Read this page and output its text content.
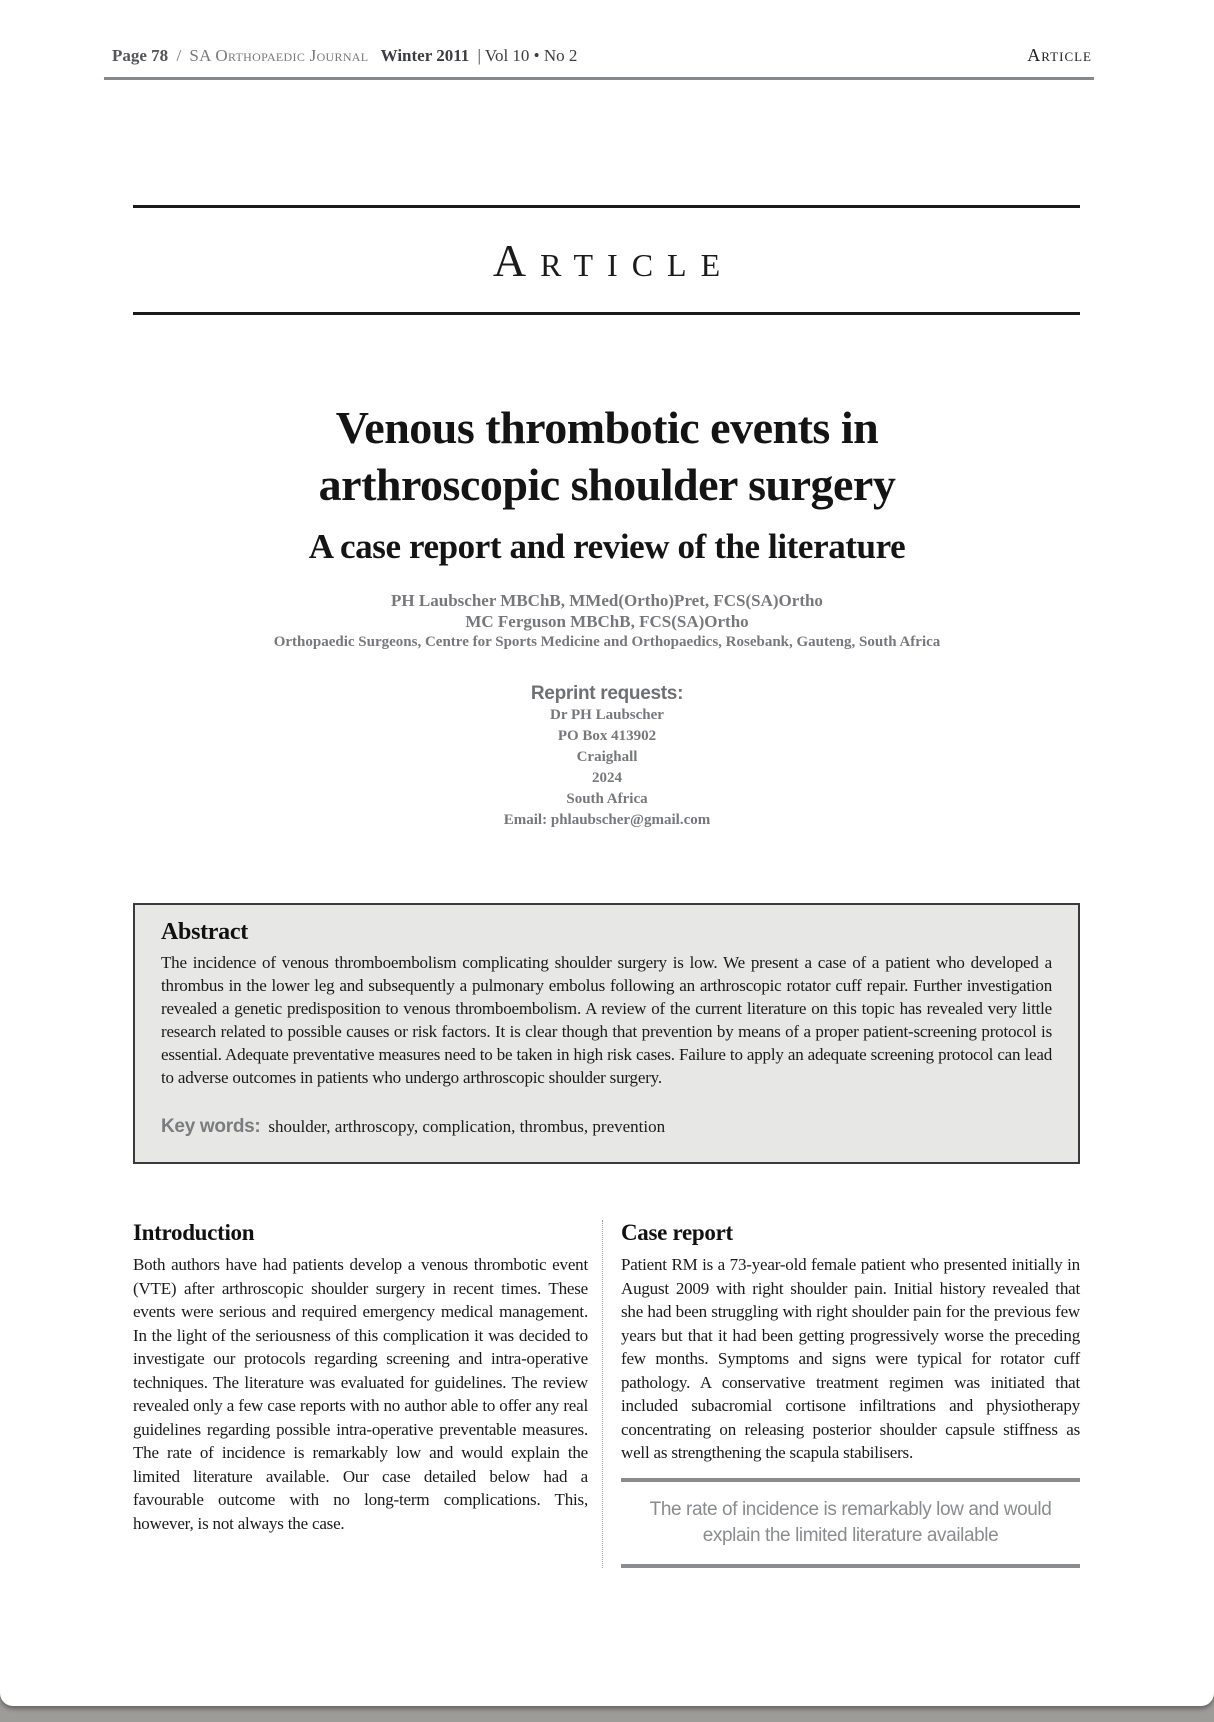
Page 78 / SA Orthopaedic Journal Winter 2011 | Vol 10 • No 2	Article
Article
Venous thrombotic events in
arthroscopic shoulder surgery
A case report and review of the literature
PH Laubscher MBChB, MMed(Ortho)Pret, FCS(SA)Ortho
MC Ferguson MBChB, FCS(SA)Ortho
Orthopaedic Surgeons, Centre for Sports Medicine and Orthopaedics, Rosebank, Gauteng, South Africa
Reprint requests:
Dr PH Laubscher
PO Box 413902
Craighall
2024
South Africa
Email: phlaubscher@gmail.com
Abstract

The incidence of venous thromboembolism complicating shoulder surgery is low. We present a case of a patient who developed a thrombus in the lower leg and subsequently a pulmonary embolus following an arthroscopic rotator cuff repair. Further investigation revealed a genetic predisposition to venous thromboembolism. A review of the current literature on this topic has revealed very little research related to possible causes or risk factors. It is clear though that prevention by means of a proper patient-screening protocol is essential. Adequate preventative measures need to be taken in high risk cases. Failure to apply an adequate screening protocol can lead to adverse outcomes in patients who undergo arthroscopic shoulder surgery.

Key words: shoulder, arthroscopy, complication, thrombus, prevention
Introduction

Both authors have had patients develop a venous thrombotic event (VTE) after arthroscopic shoulder surgery in recent times. These events were serious and required emergency medical management. In the light of the seriousness of this complication it was decided to investigate our protocols regarding screening and intra-operative techniques. The literature was evaluated for guidelines. The review revealed only a few case reports with no author able to offer any real guidelines regarding possible intra-operative preventable measures. The rate of incidence is remarkably low and would explain the limited literature available. Our case detailed below had a favourable outcome with no long-term complications. This, however, is not always the case.

Case report

Patient RM is a 73-year-old female patient who presented initially in August 2009 with right shoulder pain. Initial history revealed that she had been struggling with right shoulder pain for the previous few years but that it had been getting progressively worse the preceding few months. Symptoms and signs were typical for rotator cuff pathology. A conservative treatment regimen was initiated that included subacromial cortisone infiltrations and physiotherapy concentrating on releasing posterior shoulder capsule stiffness as well as strengthening the scapula stabilisers.

The rate of incidence is remarkably low and would
explain the limited literature available
